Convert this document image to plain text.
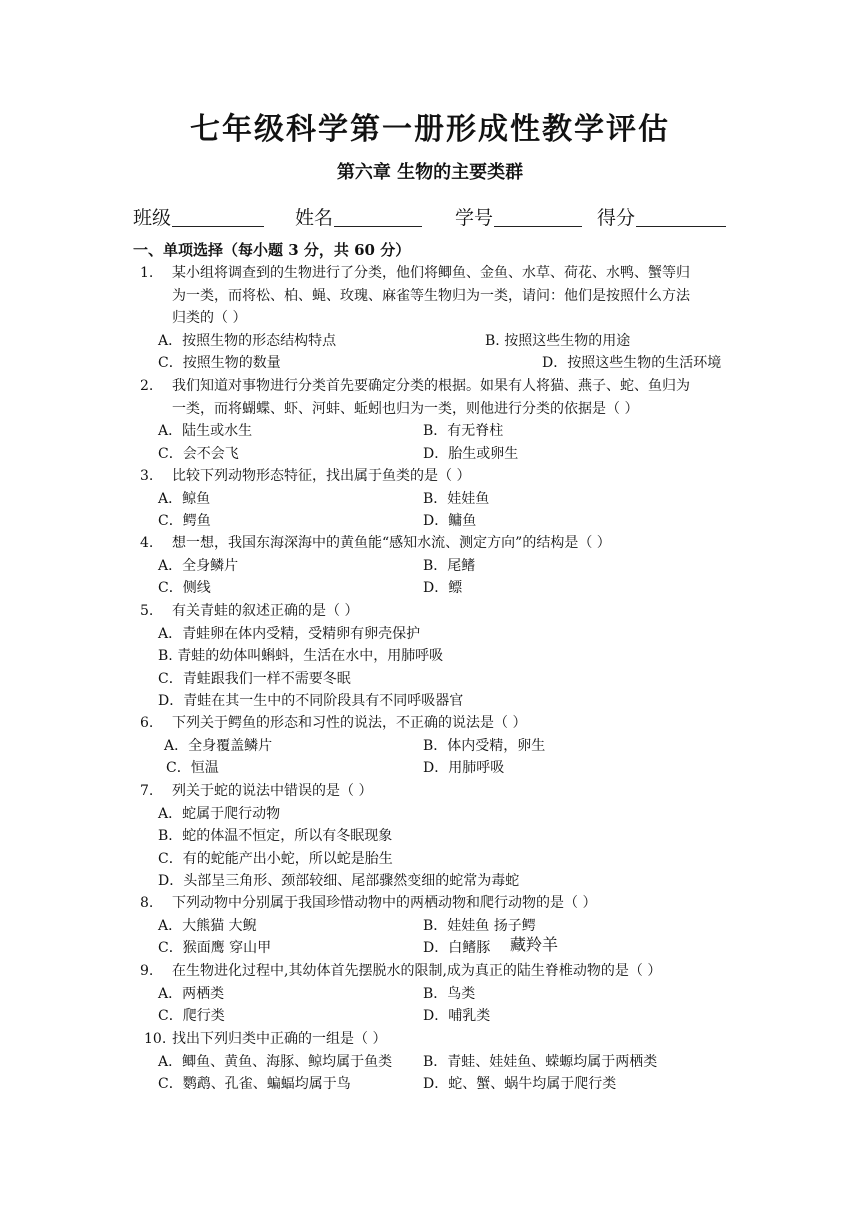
七年级科学第一册形成性教学评估
第六章 生物的主要类群
班级	姓名	学号	得分
一、单项选择（每小题 3 分，共 60 分）
1.	某小组将调查到的生物进行了分类，他们将鲫鱼、金鱼、水草、荷花、水鸭、蟹等归
为一类，而将松、柏、蝇、玫瑰、麻雀等生物归为一类，请问：他们是按照什么方法
归类的（ ）
A．按照生物的形态结构特点	B. 按照这些生物的用途
C．按照生物的数量	D．按照这些生物的生活环境
2.	我们知道对事物进行分类首先要确定分类的根据。如果有人将猫、燕子、蛇、鱼归为
一类，而将蝴蝶、虾、河蚌、蚯蚓也归为一类，则他进行分类的依据是（ ）
A．陆生或水生	B．有无脊柱
C．会不会飞	D．胎生或卵生
3.	比较下列动物形态特征，找出属于鱼类的是（ ）
A．鲸鱼	B．娃娃鱼
C．鳄鱼	D．鳙鱼
4.	想一想，我国东海深海中的黄鱼能“感知水流、测定方向”的结构是（ ）
A．全身鳞片	B．尾鳍
C．侧线	D．鳔
5.	有关青蛙的叙述正确的是（ ）
A．青蛙卵在体内受精，受精卵有卵壳保护
B. 青蛙的幼体叫蝌蚪，生活在水中，用肺呼吸
C．青蛙跟我们一样不需要冬眠
D．青蛙在其一生中的不同阶段具有不同呼吸器官
6.	下列关于鳄鱼的形态和习性的说法，不正确的说法是（ ）
A．全身覆盖鳞片	B．体内受精，卵生
C．恒温	D．用肺呼吸
7.	列关于蛇的说法中错误的是（ ）
A．蛇属于爬行动物
B．蛇的体温不恒定，所以有冬眠现象
C．有的蛇能产出小蛇，所以蛇是胎生
D．头部呈三角形、颈部较细、尾部骤然变细的蛇常为毒蛇
8.	下列动物中分别属于我国珍惜动物中的两栖动物和爬行动物的是（ ）
A．大熊猫 大鲵	B．娃娃鱼 扬子鳄
C．猴面鹰 穿山甲	D．白鳍豚 藏羚羊
9.	在生物进化过程中,其幼体首先摆脱水的限制,成为真正的陆生脊椎动物的是（ ）
A．两栖类	B．鸟类
C．爬行类	D．哺乳类
10. 找出下列归类中正确的一组是（ ）
A．鲫鱼、黄鱼、海豚、鲸均属于鱼类 B．青蛙、娃娃鱼、蝾螈均属于两栖类
C．鹦鹉、孔雀、蝙蝠均属于鸟	D．蛇、蟹、蜗牛均属于爬行类
